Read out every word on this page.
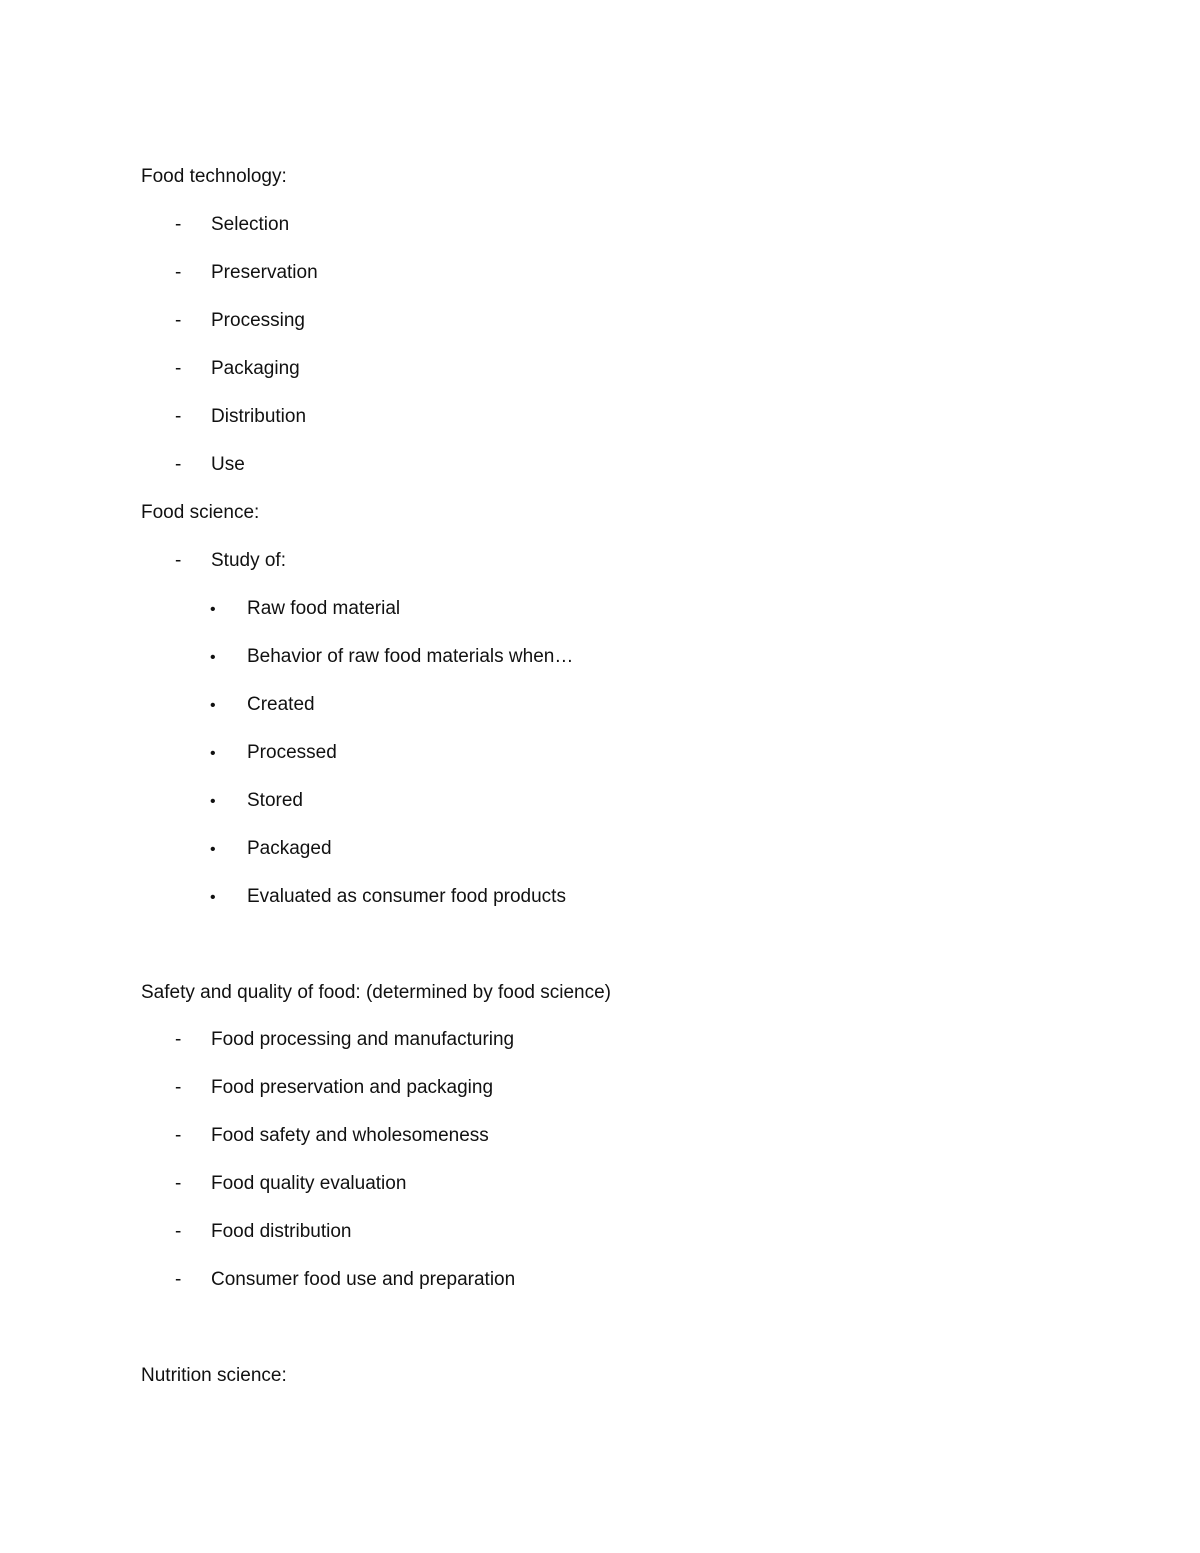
Food technology:
- Selection
- Preservation
- Processing
- Packaging
- Distribution
- Use
Food science:
- Study of:
• Raw food material
• Behavior of raw food materials when…
• Created
• Processed
• Stored
• Packaged
• Evaluated as consumer food products
Safety and quality of food: (determined by food science)
- Food processing and manufacturing
- Food preservation and packaging
- Food safety and wholesomeness
- Food quality evaluation
- Food distribution
- Consumer food use and preparation
Nutrition science:
